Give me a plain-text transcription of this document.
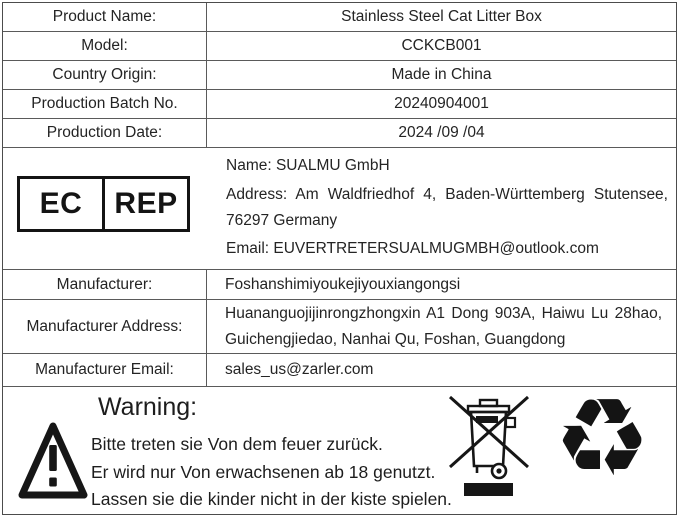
Product Name:	Stainless Steel Cat Litter Box
Model:	CCKCB001
Country Origin:	Made in China
Production Batch No.	20240904001
Production Date:	2024 /09 /04
EC	REP
Name: SUALMU GmbH
Address: Am Waldfriedhof 4, Baden-Württemberg Stutensee, 76297 Germany
Email: EUVERTRETERSUALMUGMBH@outlook.com
Manufacturer:	Foshanshimiyoukejiyouxiangongsi
Manufacturer Address:
Huananguojijinrongzhongxin A1 Dong 903A, Haiwu Lu 28hao, Guichengjiedao, Nanhai Qu, Foshan, Guangdong
Manufacturer Email:	sales_us@zarler.com
Warning:
Bitte treten sie Von dem feuer zurück.
Er wird nur Von erwachsenen ab 18 genutzt.
Lassen sie die kinder nicht in der kiste spielen. ♻
